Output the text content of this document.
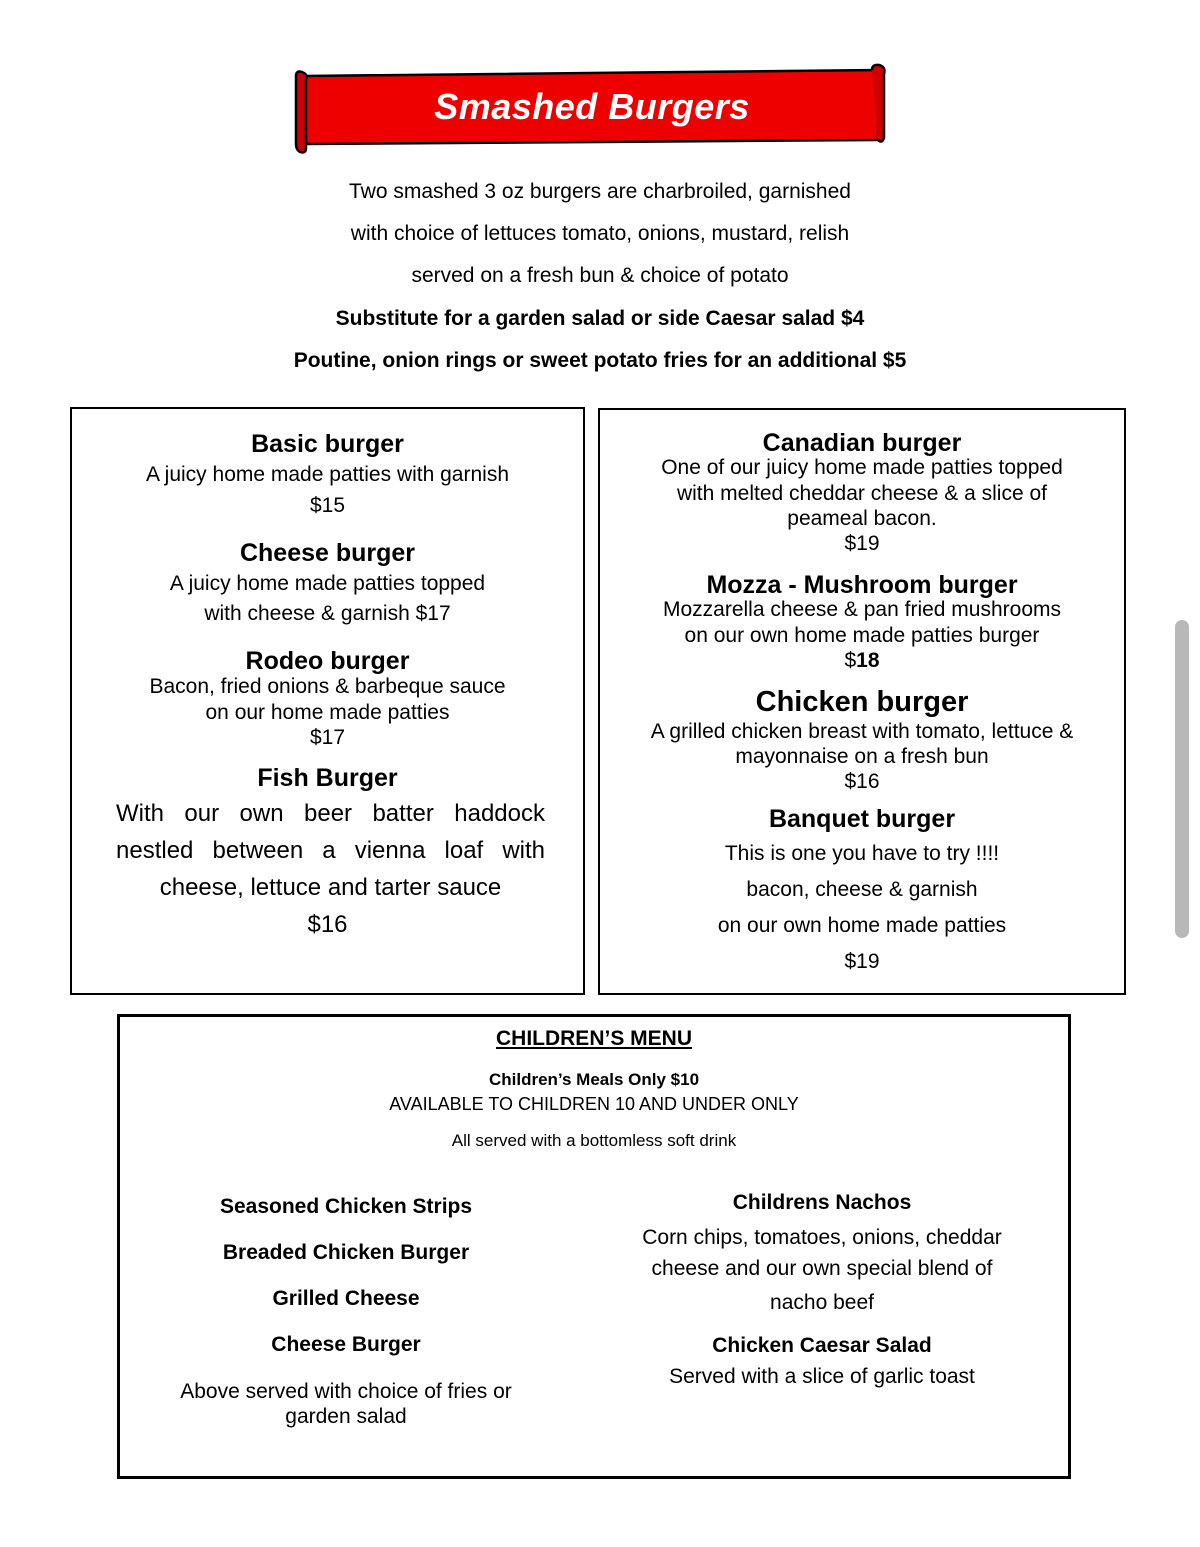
Smashed Burgers
Two smashed 3 oz burgers are charbroiled, garnished
with choice of lettuces tomato, onions, mustard, relish
served on a fresh bun & choice of potato
Substitute for a garden salad or side Caesar salad $4
Poutine, onion rings or sweet potato fries for an additional $5
Basic burger
A juicy home made patties with garnish
$15
Cheese burger
A juicy home made patties topped
with cheese & garnish $17
Rodeo burger
Bacon, fried onions & barbeque sauce
on our home made patties
$17
Fish Burger
With our own beer batter haddock nestled between a vienna loaf with cheese, lettuce and tarter sauce
$16
Canadian burger
One of our juicy home made patties topped
with melted cheddar cheese & a slice of
peameal bacon.
$19
Mozza - Mushroom burger
Mozzarella cheese & pan fried mushrooms
on our own home made patties burger
$18
Chicken burger
A grilled chicken breast with tomato, lettuce &
mayonnaise on a fresh bun
$16
Banquet burger
This is one you have to try !!!!
bacon, cheese & garnish
on our own home made patties
$19
CHILDREN’S MENU
Children’s Meals Only $10
AVAILABLE TO CHILDREN 10 AND UNDER ONLY
All served with a bottomless soft drink
Seasoned Chicken Strips
Breaded Chicken Burger
Grilled Cheese
Cheese Burger
Above served with choice of fries or
garden salad
Childrens Nachos
Corn chips, tomatoes, onions, cheddar
cheese and our own special blend of
nacho beef
Chicken Caesar Salad
Served with a slice of garlic toast
